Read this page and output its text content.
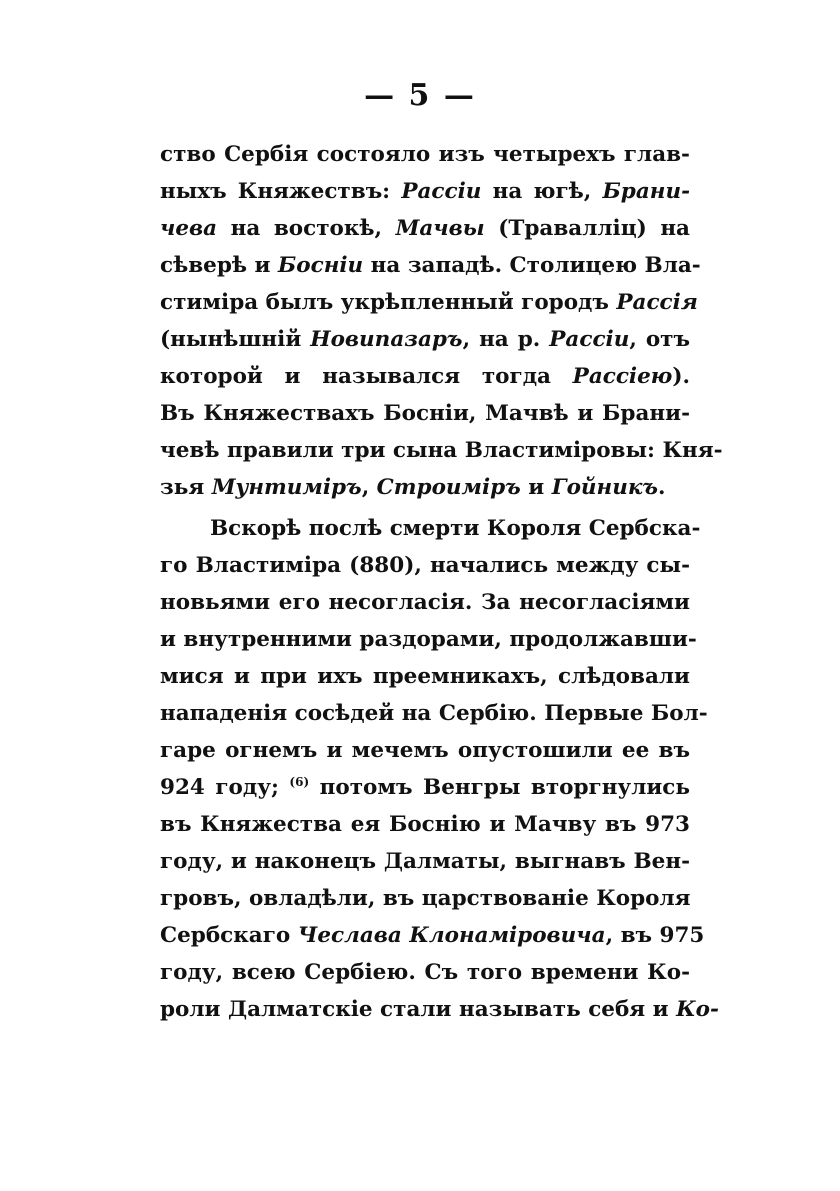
— 5 —
ство Сербія состояло изъ четырехъ глав-
ныхъ Княжествъ: Рассіи на югѣ, Брани-
чева на востокѣ, Мачвы (Травалліц) на
сѣверѣ и Босніи на западѣ. Столицею Вла-
стиміра былъ укрѣпленный городъ Рассія
(нынѣшній Новипазаръ, на р. Рассіи, отъ
которой и назывался тогда Рассіею).
Въ Княжествахъ Босніи, Мачвѣ и Брани-
чевѣ правили три сына Властиміровы: Кня-
зья Мунтиміръ, Строиміръ и Гойникъ.
Вскорѣ послѣ смерти Короля Сербска-
го Властиміра (880), начались между сы-
новьями его несогласія. За несогласіями
и внутренними раздорами, продолжавши-
мися и при ихъ преемникахъ, слѣдовали
нападенія сосѣдей на Сербію. Первые Бол-
гаре огнемъ и мечемъ опустошили ее въ
924 году; $^{(6)}$ потомъ Венгры вторгнулись
въ Княжества ея Боснію и Мачву въ 973
году, и наконецъ Далматы, выгнавъ Вен-
гровъ, овладѣли, въ царствованіе Короля
Сербскаго Чеслава Клонаміровича, въ 975
году, всею Сербіею. Съ того времени Ко-
роли Далматскіе стали называть себя и Ко-
